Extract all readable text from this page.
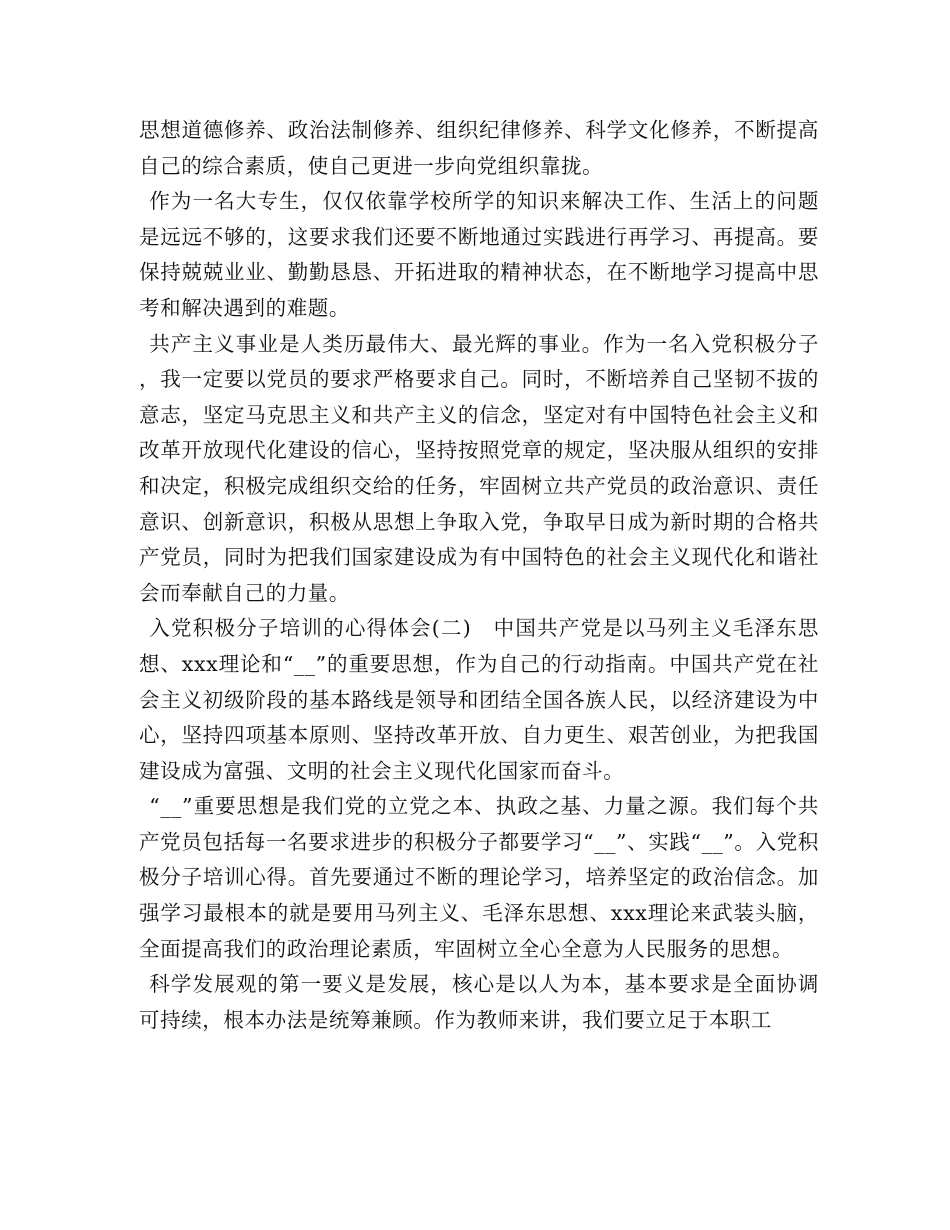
思想道德修养、政治法制修养、组织纪律修养、科学文化修养，不断提高自己的综合素质，使自己更进一步向党组织靠拢。

作为一名大专生，仅仅依靠学校所学的知识来解决工作、生活上的问题是远远不够的，这要求我们还要不断地通过实践进行再学习、再提高。要保持兢兢业业、勤勤恳恳、开拓进取的精神状态，在不断地学习提高中思考和解决遇到的难题。

共产主义事业是人类历最伟大、最光辉的事业。作为一名入党积极分子，我一定要以党员的要求严格要求自己。同时，不断培养自己坚韧不拔的意志，坚定马克思主义和共产主义的信念，坚定对有中国特色社会主义和改革开放现代化建设的信心，坚持按照党章的规定，坚决服从组织的安排和决定，积极完成组织交给的任务，牢固树立共产党员的政治意识、责任意识、创新意识，积极从思想上争取入党，争取早日成为新时期的合格共产党员，同时为把我们国家建设成为有中国特色的社会主义现代化和谐社会而奉献自己的力量。

入党积极分子培训的心得体会(二)　中国共产党是以马列主义毛泽东思想、xxx理论和“__”的重要思想，作为自己的行动指南。中国共产党在社会主义初级阶段的基本路线是领导和团结全国各族人民，以经济建设为中心，坚持四项基本原则、坚持改革开放、自力更生、艰苦创业，为把我国建设成为富强、文明的社会主义现代化国家而奋斗。

“__”重要思想是我们党的立党之本、执政之基、力量之源。我们每个共产党员包括每一名要求进步的积极分子都要学习“__”、实践“__”。入党积极分子培训心得。首先要通过不断的理论学习，培养坚定的政治信念。加强学习最根本的就是要用马列主义、毛泽东思想、xxx理论来武装头脑，全面提高我们的政治理论素质，牢固树立全心全意为人民服务的思想。

科学发展观的第一要义是发展，核心是以人为本，基本要求是全面协调可持续，根本办法是统筹兼顾。作为教师来讲，我们要立足于本职工
